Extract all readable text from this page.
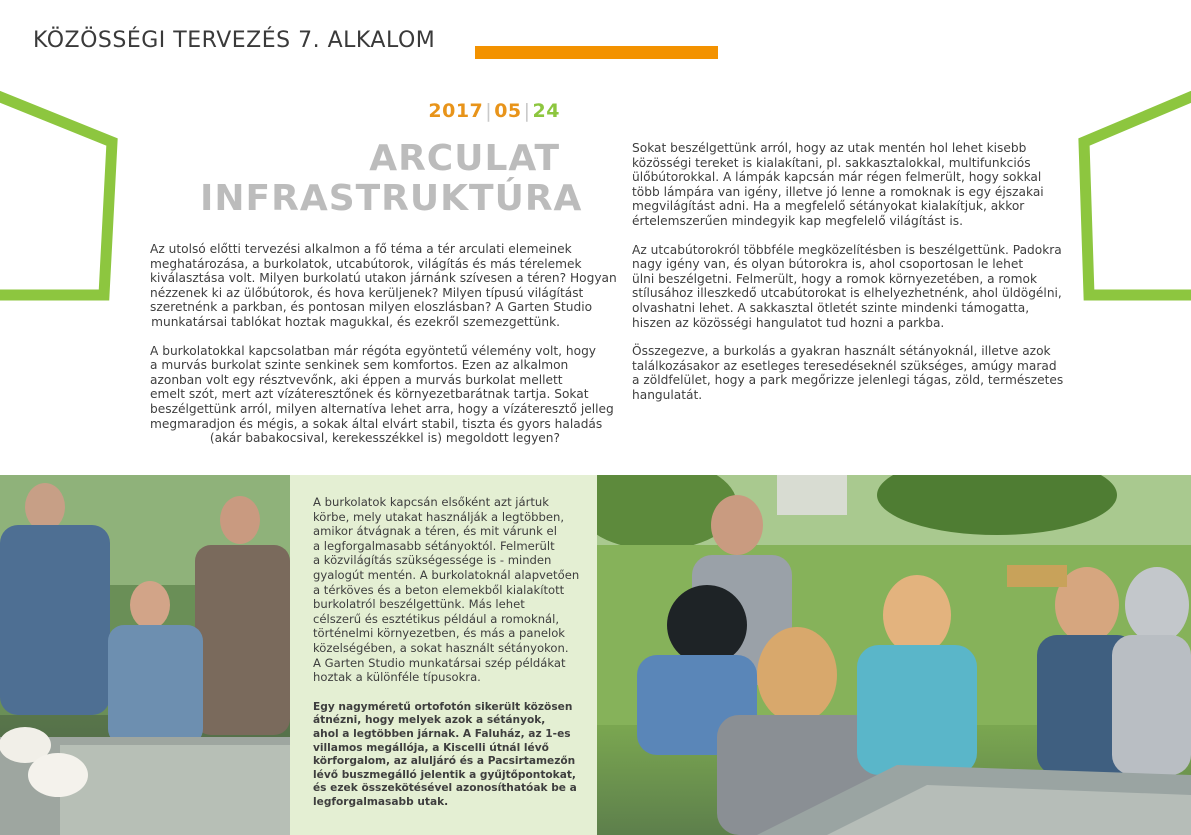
KÖZÖSSÉGI TERVEZÉS 7. ALKALOM
2017 | 05 | 24
ARCULAT
INFRASTRUKTÚRA

Az utolsó előtti tervezési alkalmon a fő téma a tér arculati elemeinek
meghatározása, a burkolatok, utcabútorok, világítás és más térelemek
kiválasztása volt. Milyen burkolatú utakon járnánk szívesen a téren? Hogyan
nézzenek ki az ülőbútorok, és hova kerüljenek? Milyen típusú világítást
szeretnénk a parkban, és pontosan milyen eloszlásban? A Garten Studio
munkatársai tablókat hoztak magukkal, és ezekről szemezgettünk.

A burkolatokkal kapcsolatban már régóta egyöntetű vélemény volt, hogy
a murvás burkolat szinte senkinek sem komfortos. Ezen az alkalmon
azonban volt egy résztvevőnk, aki éppen a murvás burkolat mellett
emelt szót, mert azt vízáteresztőnek és környezetbarátnak tartja. Sokat
beszélgettünk arról, milyen alternatíva lehet arra, hogy a vízáteresztő jelleg
megmaradjon és mégis, a sokak által elvárt stabil, tiszta és gyors haladás
(akár babakocsival, kerekesszékkel is) megoldott legyen?

Sokat beszélgettünk arról, hogy az utak mentén hol lehet kisebb
közösségi tereket is kialakítani, pl. sakkasztalokkal, multifunkciós
ülőbútorokkal. A lámpák kapcsán már régen felmerült, hogy sokkal
több lámpára van igény, illetve jó lenne a romoknak is egy éjszakai
megvilágítást adni. Ha a megfelelő sétányokat kialakítjuk, akkor
értelemszerűen mindegyik kap megfelelő világítást is.

Az utcabútorokról többféle megközelítésben is beszélgettünk. Padokra
nagy igény van, és olyan bútorokra is, ahol csoportosan le lehet
ülni beszélgetni. Felmerült, hogy a romok környezetében, a romok
stílusához illeszkedő utcabútorokat is elhelyezhetnénk, ahol üldögélni,
olvashatni lehet. A sakkasztal ötletét szinte mindenki támogatta,
hiszen az közösségi hangulatot tud hozni a parkba.

Összegezve, a burkolás a gyakran használt sétányoknál, illetve azok
találkozásakor az esetleges teresedéseknél szükséges, amúgy marad
a zöldfelület, hogy a park megőrizze jelenlegi tágas, zöld, természetes
hangulatát.

A burkolatok kapcsán elsőként azt jártuk
körbe, mely utakat használják a legtöbben,
amikor átvágnak a téren, és mit várunk el
a legforgalmasabb sétányoktól. Felmerült
a közvilágítás szükségessége is - minden
gyalogút mentén. A burkolatoknál alapvetően
a térköves és a beton elemekből kialakított
burkolatról beszélgettünk. Más lehet
célszerű és esztétikus például a romoknál,
történelmi környezetben, és más a panelok
közelségében, a sokat használt sétányokon.
A Garten Studio munkatársai szép példákat
hoztak a különféle típusokra.

Egy nagyméretű ortofotón sikerült közösen
átnézni, hogy melyek azok a sétányok,
ahol a legtöbben járnak. A Faluház, az 1-es
villamos megállója, a Kiscelli útnál lévő
körforgalom, az aluljáró és a Pacsirtamezőn
lévő buszmegálló jelentik a gyűjtőpontokat,
és ezek összekötésével azonosíthatóak be a
legforgalmasabb utak.
